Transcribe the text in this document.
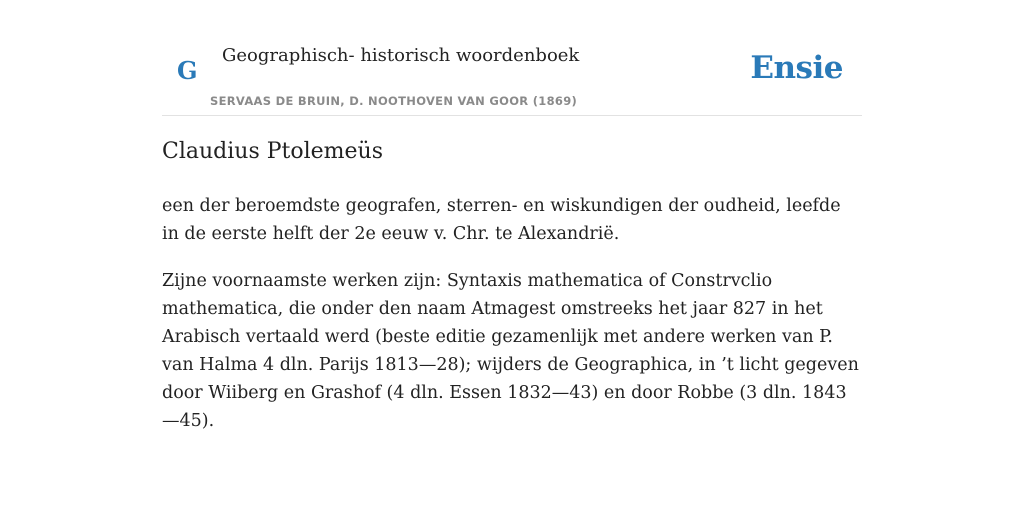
G
Geographisch- historisch woordenboek
SERVAAS DE BRUIN, D. NOOTHOVEN VAN GOOR (1869)
Ensie
Claudius Ptolemeüs

een der beroemdste geografen, sterren- en wiskundigen der oudheid, leefde in de eerste helft der 2e eeuw v. Chr. te Alexandrië.

Zijne voornaamste werken zijn: Syntaxis mathematica of Constrvclio mathematica, die onder den naam Atmagest omstreeks het jaar 827 in het Arabisch vertaald werd (beste editie gezamenlijk met andere werken van P. van Halma 4 dln. Parijs 1813—28); wijders de Geographica, in ’t licht gegeven door Wiiberg en Grashof (4 dln. Essen 1832—43) en door Robbe (3 dln. 1843—45).
